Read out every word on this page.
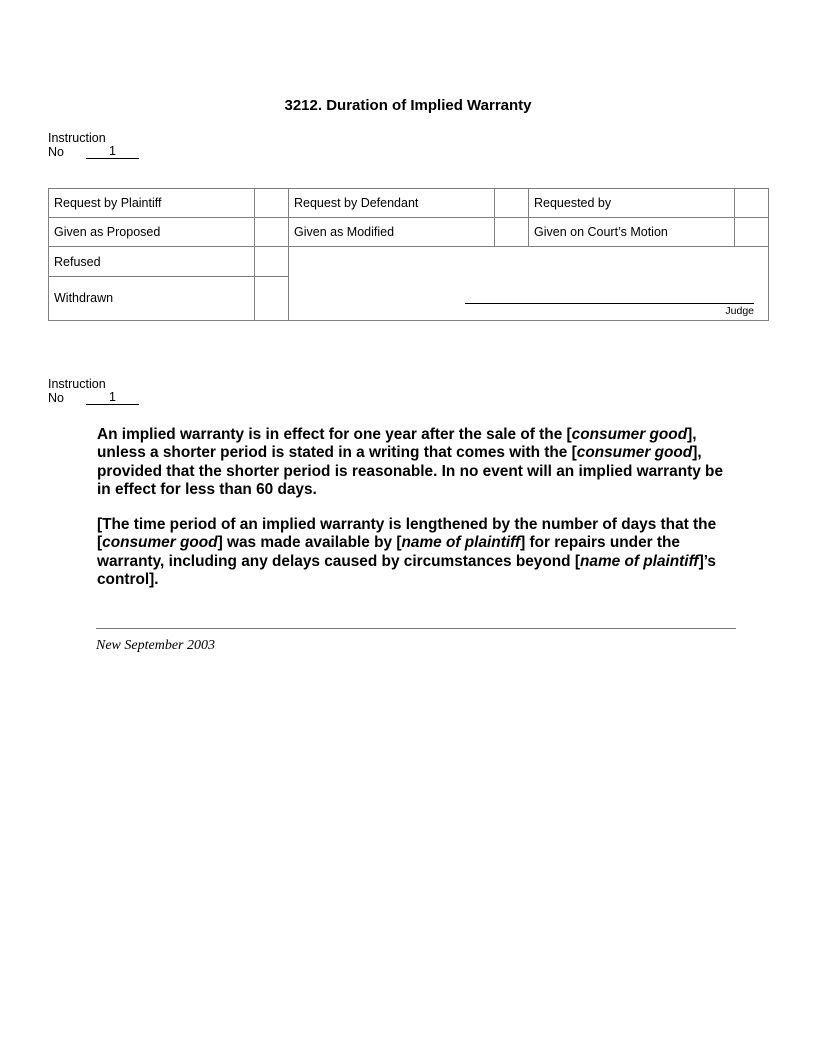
3212. Duration of Implied Warranty
Instruction
No	1
Request by Plaintiff		Request by Defendant		Requested by	
Given as Proposed		Given as Modified		Given on Court’s Motion	
Refused		Judge			

Withdrawn					
Instruction
No	1

An implied warranty is in effect for one year after the sale of the [consumer good], unless a shorter period is stated in a writing that comes with the [consumer good], provided that the shorter period is reasonable. In no event will an implied warranty be in effect for less than 60 days.

[The time period of an implied warranty is lengthened by the number of days that the [consumer good] was made available by [name of plaintiff] for repairs under the warranty, including any delays caused by circumstances beyond [name of plaintiff]’s control].

New September 2003
